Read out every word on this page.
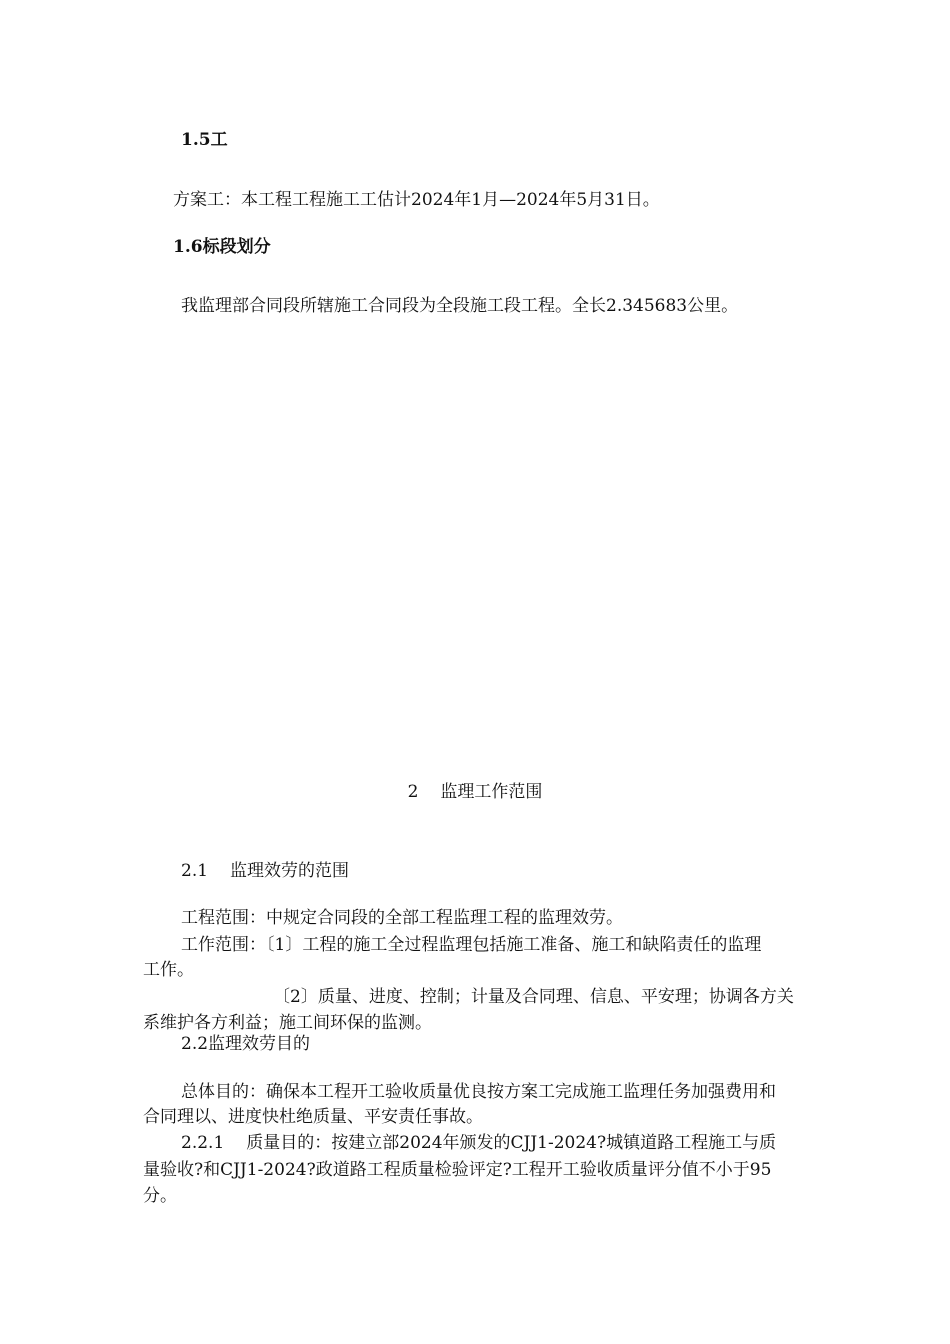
1.5工
方案工：本工程工程施工工估计2024年1月—2024年5月31日。
1.6标段划分
我监理部合同段所辖施工合同段为全段施工段工程。全长2.345683公里。
2 监理工作范围
2.1 监理效劳的范围
工程范围：中规定合同段的全部工程监理工程的监理效劳。
工作范围：〔1〕工程的施工全过程监理包括施工准备、施工和缺陷责任的监理
工作。
〔2〕质量、进度、控制；计量及合同理、信息、平安理；协调各方关
系维护各方利益；施工间环保的监测。
2.2监理效劳目的
总体目的：确保本工程开工验收质量优良按方案工完成施工监理任务加强费用和
合同理以、进度快杜绝质量、平安责任事故。
2.2.1 质量目的：按建立部2024年颁发的CJJ1-2024?城镇道路工程施工与质
量验收?和CJJ1-2024?政道路工程质量检验评定?工程开工验收质量评分值不小于95
分。
